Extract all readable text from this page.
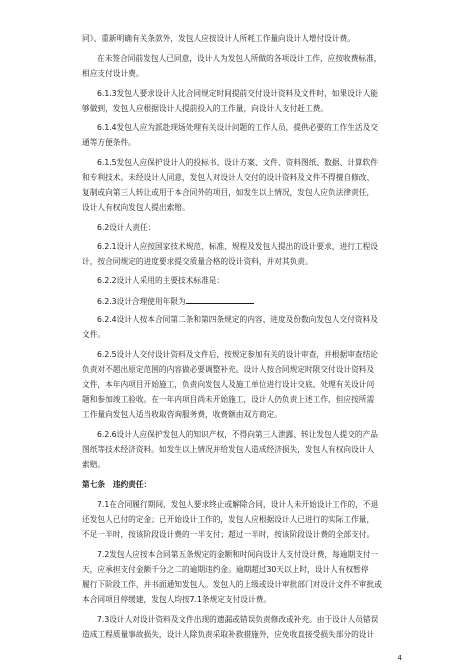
同》、重新明确有关条款外，发包人应按设计人所耗工作量向设计人增付设计费。
在未签合同前发包人已同意，设计人为发包人所做的各项设计工作，应按收费标准，
相应支付设计费。
6.1.3发包人要求设计人比合同规定时间提前交付设计资料及文件时，如果设计人能
够做到，发包人应根据设计人提前投入的工作量，向设计人支付赶工费。
6.1.4发包人应为派赴现场处理有关设计问题的工作人员，提供必要的工作生活及交
通等方便条件。
6.1.5发包人应保护设计人的投标书、设计方案、文件、资料图纸、数据、计算软件
和专利技术。未经设计人同意，发包人对设计人交付的设计资料及文件不得擅自修改、
复制或向第三人转让或用于本合同外的项目，如发生以上情况，发包人应负法律责任，
设计人有权向发包人提出索赔。
6.2设计人责任：
6.2.1设计人应按国家技术规范、标准、规程及发包人提出的设计要求，进行工程设
计，按合同规定的进度要求提交质量合格的设计资料，并对其负责。
6.2.2设计人采用的主要技术标准是：
6.2.3设计合理使用年限为
6.2.4设计人按本合同第二条和第四条规定的内容、进度及份数向发包人交付资料及
文件。
6.2.5设计人交付设计资料及文件后，按规定参加有关的设计审查，并根据审查结论
负责对不超出原定范围的内容做必要调整补充。设计人按合同规定时限交付设计资料及
文件，本年内项目开始施工，负责向发包人及施工单位进行设计交底、处理有关设计问
题和参加竣工验收。在一年内项目尚未开始施工，设计人仍负责上述工作，但应按所需
工作量向发包人适当收取咨询服务费，收费额由双方商定。
6.2.6设计人应保护发包人的知识产权，不得向第三人泄露、转让发包人提交的产品
图纸等技术经济资料。如发生以上情况并给发包人造成经济损失，发包人有权向设计人
索赔。
第七条　违约责任：
7.1在合同履行期间，发包人要求终止或解除合同，设计人未开始设计工作的，不退
还发包人已付的定金；已开始设计工作的，发包人应根据设计人已进行的实际工作量，
不足一半时，按该阶段设计费的一半支付；超过一半时，按该阶段设计费的全部支付。
7.2发包人应按本合同第五条规定的金额和时间向设计人支付设计费，每逾期支付一
天，应承担支付金额千分之二的逾期违约金。逾期超过30天以上时，设计人有权暂停
履行下阶段工作，并书面通知发包人。发包人的上级或设计审批部门对设计文件不审批或
本合同项目停缓建，发包人均按7.1条规定支付设计费。
7.3设计人对设计资料及文件出现的遗漏或错误负责修改或补充。由于设计人员错误
造成工程质量事故损失，设计人除负责采取补救措施外，应免收直接受损失部分的设计
4
